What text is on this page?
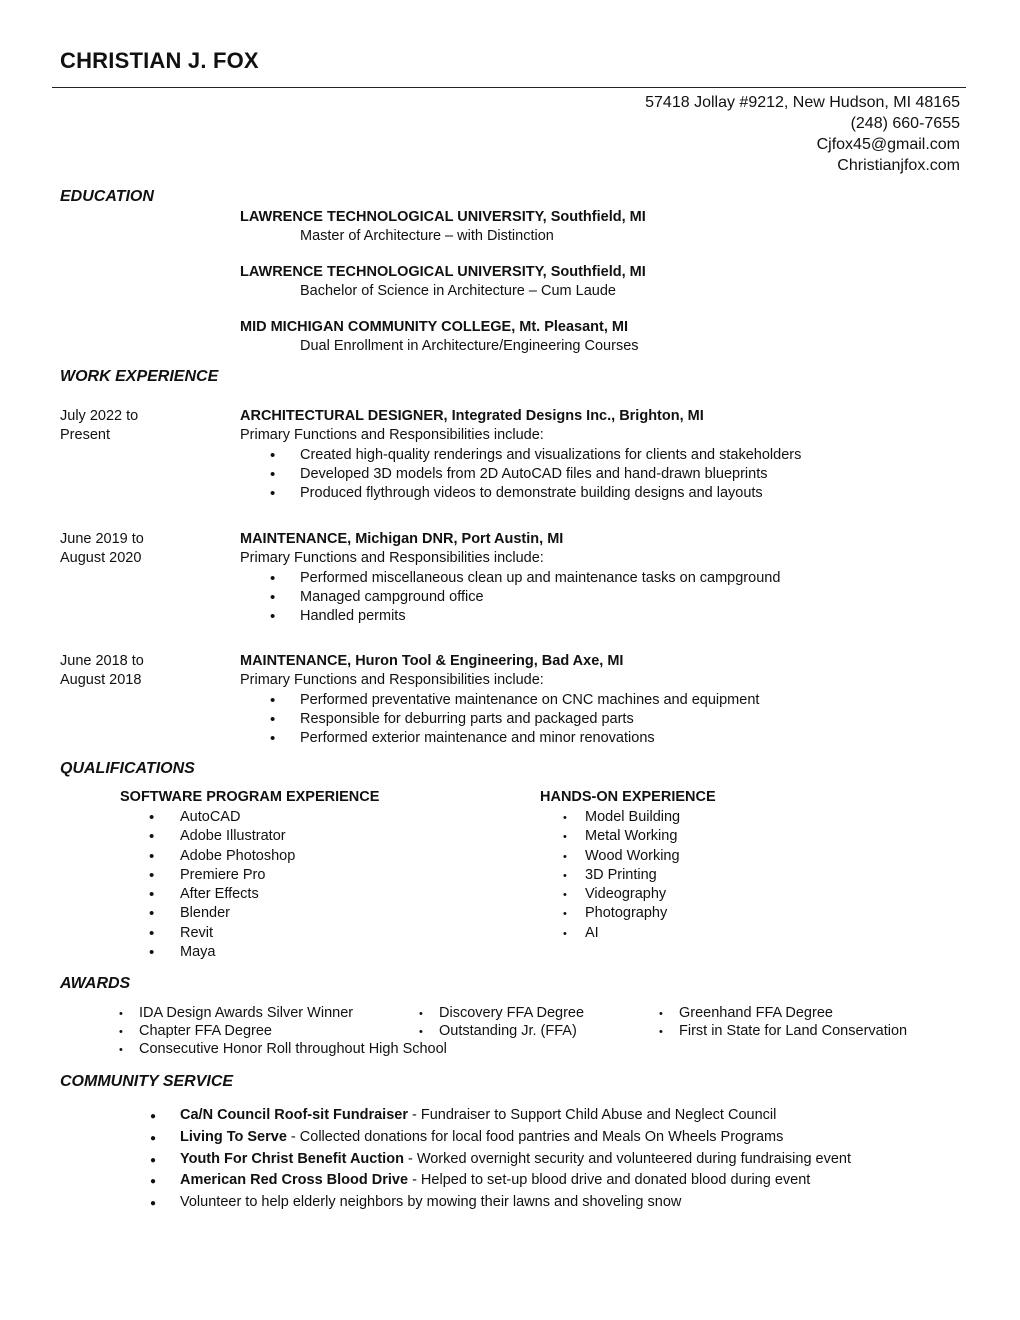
CHRISTIAN J. FOX
57418 Jollay #9212, New Hudson, MI 48165
(248) 660-7655
Cjfox45@gmail.com
Christianjfox.com
EDUCATION
LAWRENCE TECHNOLOGICAL UNIVERSITY, Southfield, MI
Master of Architecture – with Distinction
LAWRENCE TECHNOLOGICAL UNIVERSITY, Southfield, MI
Bachelor of Science in Architecture – Cum Laude
MID MICHIGAN COMMUNITY COLLEGE, Mt. Pleasant, MI
Dual Enrollment in Architecture/Engineering Courses
WORK EXPERIENCE
July 2022 to
Present
ARCHITECTURAL DESIGNER, Integrated Designs Inc., Brighton, MI
Primary Functions and Responsibilities include:
• Created high-quality renderings and visualizations for clients and stakeholders
• Developed 3D models from 2D AutoCAD files and hand-drawn blueprints
• Produced flythrough videos to demonstrate building designs and layouts
June 2019 to
August 2020
MAINTENANCE, Michigan DNR, Port Austin, MI
Primary Functions and Responsibilities include:
• Performed miscellaneous clean up and maintenance tasks on campground
• Managed campground office
• Handled permits
June 2018 to
August 2018
MAINTENANCE, Huron Tool & Engineering, Bad Axe, MI
Primary Functions and Responsibilities include:
• Performed preventative maintenance on CNC machines and equipment
• Responsible for deburring parts and packaged parts
• Performed exterior maintenance and minor renovations
QUALIFICATIONS
SOFTWARE PROGRAM EXPERIENCE
• AutoCAD
• Adobe Illustrator
• Adobe Photoshop
• Premiere Pro
• After Effects
• Blender
• Revit
• Maya
HANDS-ON EXPERIENCE
• Model Building
• Metal Working
• Wood Working
• 3D Printing
• Videography
• Photography
• AI
AWARDS
• IDA Design Awards Silver Winner	• Discovery FFA Degree	• Greenhand FFA Degree
• Chapter FFA Degree	• Outstanding Jr. (FFA)	• First in State for Land Conservation
• Consecutive Honor Roll throughout High School
COMMUNITY SERVICE
● Ca/N Council Roof-sit Fundraiser - Fundraiser to Support Child Abuse and Neglect Council
● Living To Serve - Collected donations for local food pantries and Meals On Wheels Programs
● Youth For Christ Benefit Auction - Worked overnight security and volunteered during fundraising event
● American Red Cross Blood Drive - Helped to set-up blood drive and donated blood during event
● Volunteer to help elderly neighbors by mowing their lawns and shoveling snow
